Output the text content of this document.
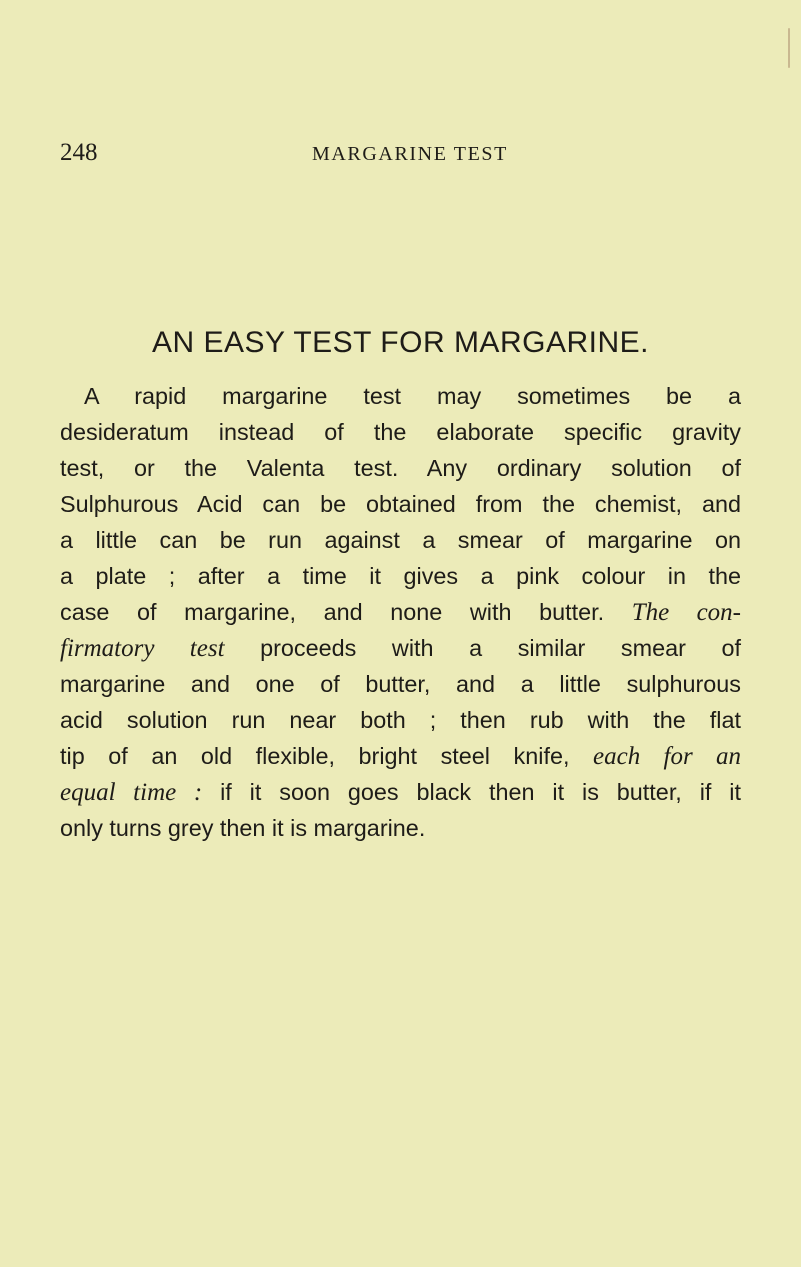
248	MARGARINE TEST
AN EASY TEST FOR MARGARINE.
A rapid margarine test may sometimes be a
desideratum instead of the elaborate specific gravity
test, or the Valenta test. Any ordinary solution of
Sulphurous Acid can be obtained from the chemist, and
a little can be run against a smear of margarine on
a plate ; after a time it gives a pink colour in the
case of margarine, and none with butter. The con-
firmatory test proceeds with a similar smear of
margarine and one of butter, and a little sulphurous
acid solution run near both ; then rub with the flat
tip of an old flexible, bright steel knife, each for an
equal time : if it soon goes black then it is butter, if it
only turns grey then it is margarine.
